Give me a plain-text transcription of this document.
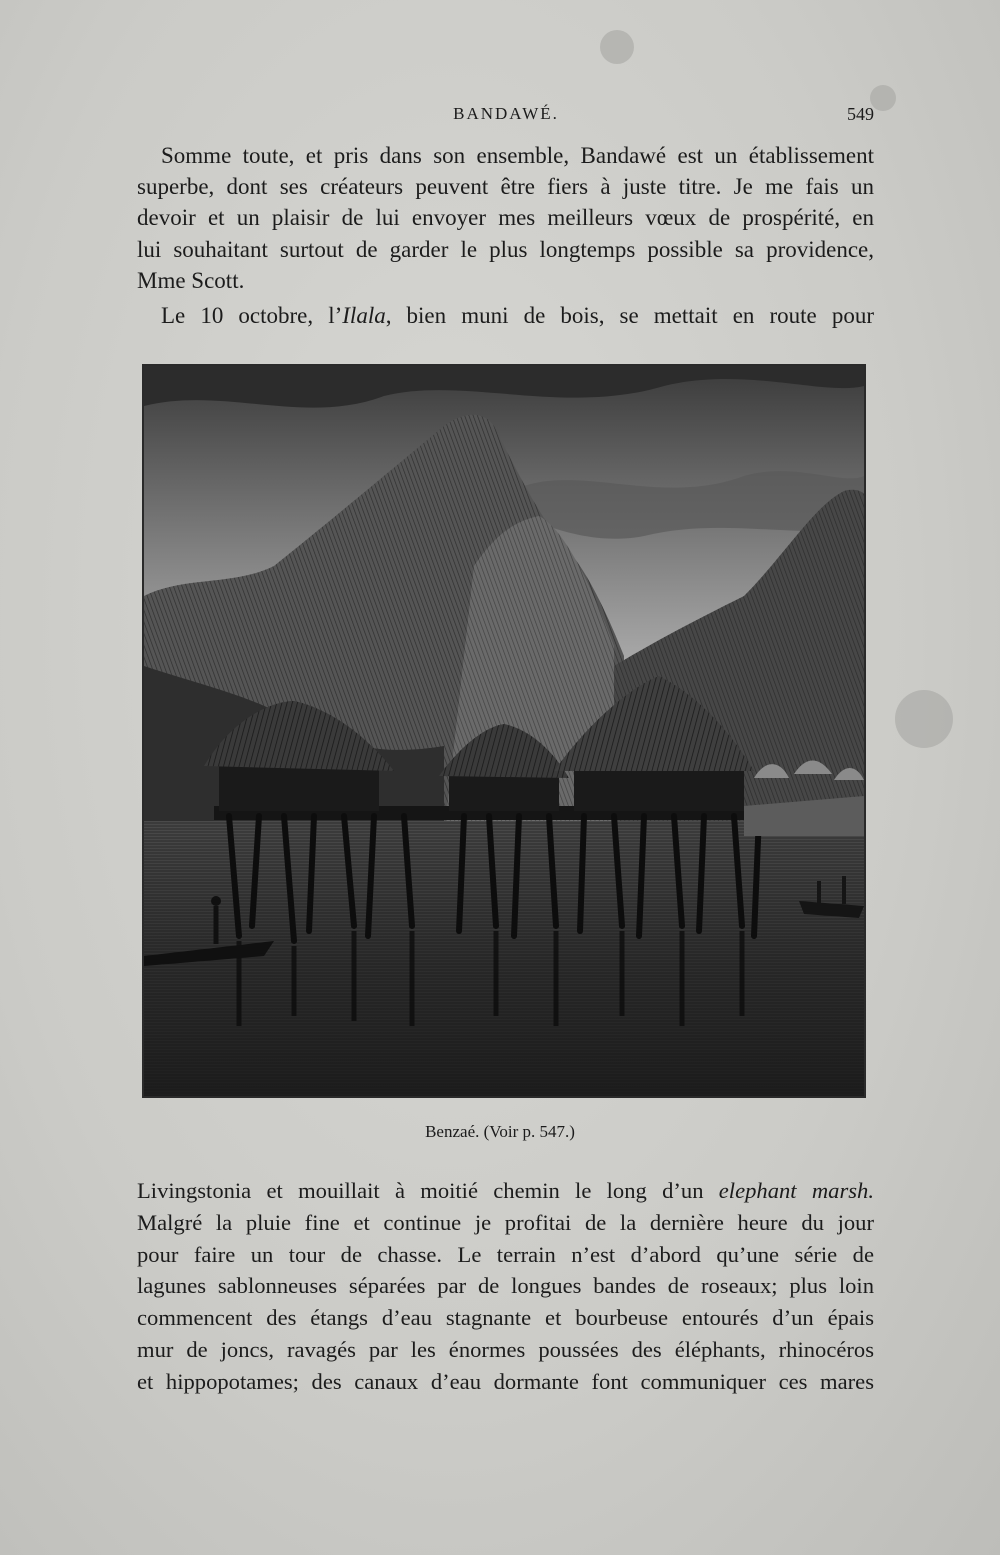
BANDAWÉ.	549

Somme toute, et pris dans son ensemble, Bandawé est un établissement
superbe, dont ses créateurs peuvent être fiers à juste titre. Je me fais un
devoir et un plaisir de lui envoyer mes meilleurs vœux de prospérité, en
lui souhaitant surtout de garder le plus longtemps possible sa providence,
Mme Scott.

Le 10 octobre, l’Ilala, bien muni de bois, se mettait en route pour

Benzaé. (Voir p. 547.)

Livingstonia et mouillait à moitié chemin le long d’un elephant marsh.
Malgré la pluie fine et continue je profitai de la dernière heure du jour
pour faire un tour de chasse. Le terrain n’est d’abord qu’une série de
lagunes sablonneuses séparées par de longues bandes de roseaux; plus loin
commencent des étangs d’eau stagnante et bourbeuse entourés d’un épais
mur de joncs, ravagés par les énormes poussées des éléphants, rhinocéros
et hippopotames; des canaux d’eau dormante font communiquer ces mares
